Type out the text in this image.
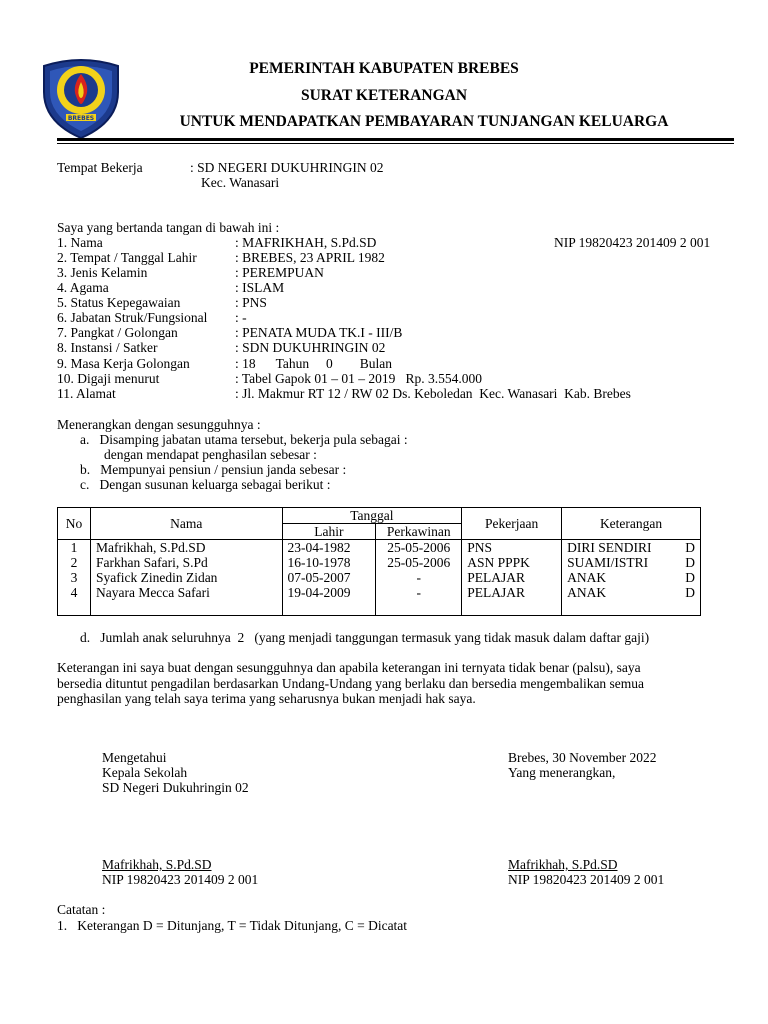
BREBES
PEMERINTAH KABUPATEN BREBES
SURAT KETERANGAN
UNTUK MENDAPATKAN PEMBAYARAN TUNJANGAN KELUARGA
Tempat Bekerja	: SD NEGERI DUKUHRINGIN 02
Kec. Wanasari
Saya yang bertanda tangan di bawah ini :
NIP 19820423 201409 2 001
1. Nama	: MAFRIKHAH, S.Pd.SD
2. Tempat / Tanggal Lahir	: BREBES, 23 APRIL 1982
3. Jenis Kelamin	: PEREMPUAN
4. Agama	: ISLAM
5. Status Kepegawaian	: PNS
6. Jabatan Struk/Fungsional : -
7. Pangkat / Golongan	: PENATA MUDA TK.I - III/B
8. Instansi / Satker	: SDN DUKUHRINGIN 02
9. Masa Kerja Golongan	: 18      Tahun     0        Bulan
10. Digaji menurut	: Tabel Gapok 01 – 01 – 2019   Rp. 3.554.000
11. Alamat	: Jl. Makmur RT 12 / RW 02 Ds. Keboledan  Kec. Wanasari  Kab. Brebes
Menerangkan dengan sesungguhnya :
a.   Disamping jabatan utama tersebut, bekerja pula sebagai :
dengan mendapat penghasilan sebesar :
b.   Mempunyai pensiun / pensiun janda sebesar :
c.   Dengan susunan keluarga sebagai berikut :
No	Nama	Tanggal		Pekerjaan	Keterangan
		Lahir	Perkawinan		
1	Mafrikhah, S.Pd.SD	23-04-1982	25-05-2006	PNS	DIRI SENDIRI D

2	Farkhan Safari, S.Pd	16-10-1978	25-05-2006	ASN PPPK	SUAMI/ISTRI D

3	Syafick Zinedin Zidan	07-05-2007	-	PELAJAR	ANAK D

4	Nayara Mecca Safari	19-04-2009	-	PELAJAR	ANAK D
d.   Jumlah anak seluruhnya  2   (yang menjadi tanggungan termasuk yang tidak masuk dalam daftar gaji)
Keterangan ini saya buat dengan sesungguhnya dan apabila keterangan ini ternyata tidak benar (palsu), saya
bersedia dituntut pengadilan berdasarkan Undang-Undang yang berlaku dan bersedia mengembalikan semua
penghasilan yang telah saya terima yang seharusnya bukan menjadi hak saya.
Mengetahui
Kepala Sekolah
SD Negeri Dukuhringin 02
Mafrikhah, S.Pd.SD
NIP 19820423 201409 2 001
Brebes, 30 November 2022
Yang menerangkan,
Mafrikhah, S.Pd.SD
NIP 19820423 201409 2 001
Catatan :
1.   Keterangan D = Ditunjang, T = Tidak Ditunjang, C = Dicatat
